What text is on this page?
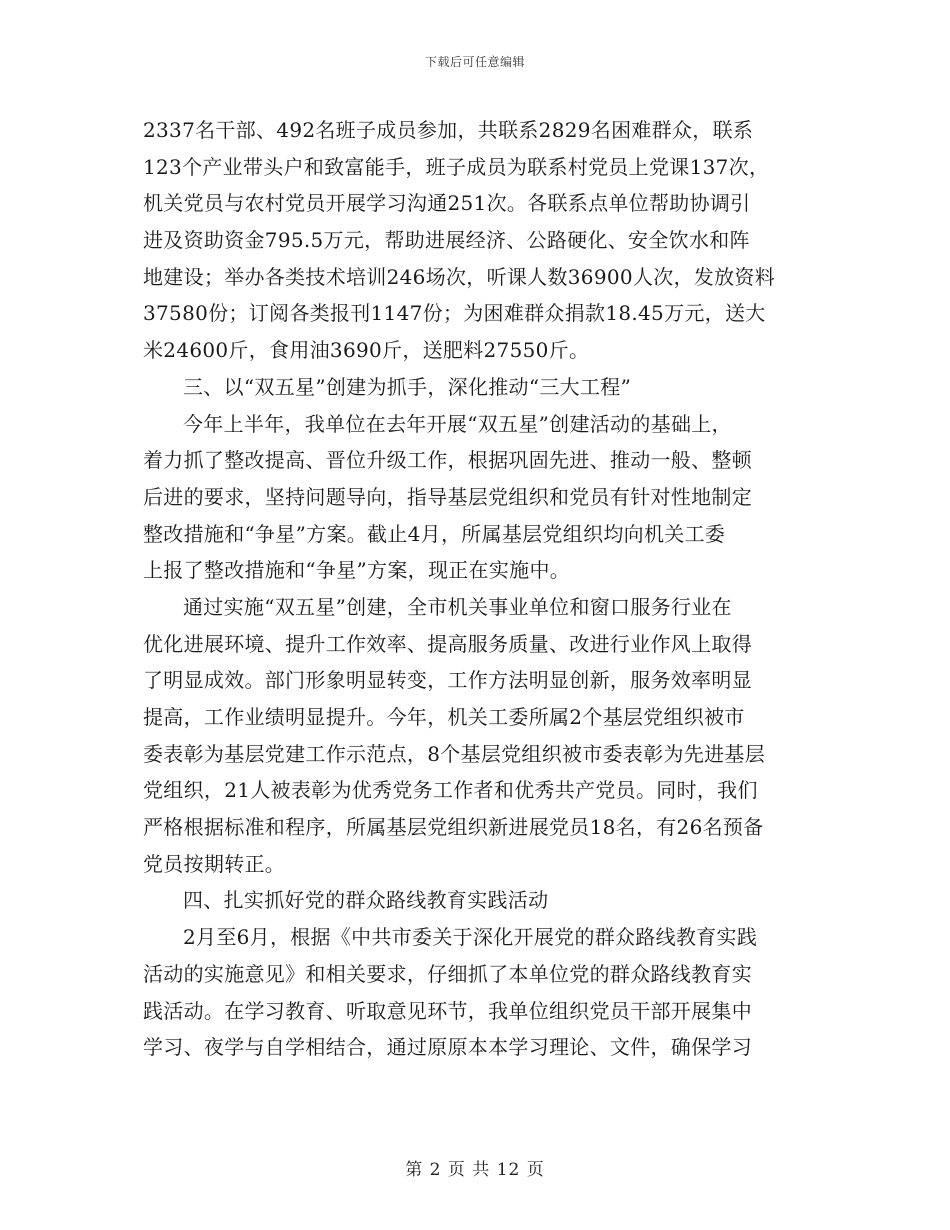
下载后可任意编辑
2337名干部、492名班子成员参加，共联系2829名困难群众，联系
123个产业带头户和致富能手，班子成员为联系村党员上党课137次，
机关党员与农村党员开展学习沟通251次。各联系点单位帮助协调引
进及资助资金795.5万元，帮助进展经济、公路硬化、安全饮水和阵
地建设；举办各类技术培训246场次，听课人数36900人次，发放资料
37580份；订阅各类报刊1147份；为困难群众捐款18.45万元，送大
米24600斤，食用油3690斤，送肥料27550斤。
三、以“双五星”创建为抓手，深化推动“三大工程”
今年上半年，我单位在去年开展“双五星”创建活动的基础上，
着力抓了整改提高、晋位升级工作，根据巩固先进、推动一般、整顿
后进的要求，坚持问题导向，指导基层党组织和党员有针对性地制定
整改措施和“争星”方案。截止4月，所属基层党组织均向机关工委
上报了整改措施和“争星”方案，现正在实施中。
通过实施“双五星”创建，全市机关事业单位和窗口服务行业在
优化进展环境、提升工作效率、提高服务质量、改进行业作风上取得
了明显成效。部门形象明显转变，工作方法明显创新，服务效率明显
提高，工作业绩明显提升。今年，机关工委所属2个基层党组织被市
委表彰为基层党建工作示范点，8个基层党组织被市委表彰为先进基层
党组织，21人被表彰为优秀党务工作者和优秀共产党员。同时，我们
严格根据标准和程序，所属基层党组织新进展党员18名，有26名预备
党员按期转正。
四、扎实抓好党的群众路线教育实践活动
2月至6月，根据《中共市委关于深化开展党的群众路线教育实践
活动的实施意见》和相关要求，仔细抓了本单位党的群众路线教育实
践活动。在学习教育、听取意见环节，我单位组织党员干部开展集中
学习、夜学与自学相结合，通过原原本本学习理论、文件，确保学习
第 2 页 共 12 页
